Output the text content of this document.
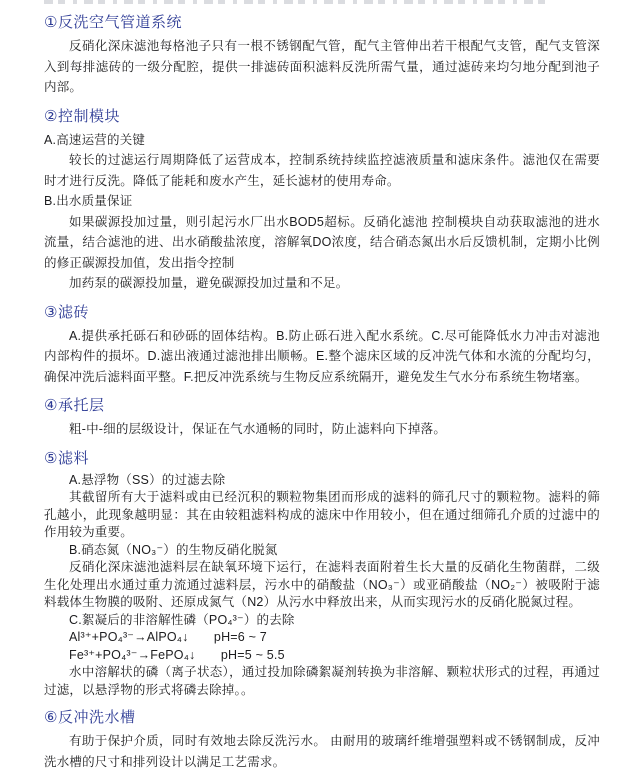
①反洗空气管道系统

反硝化深床滤池每格池子只有一根不锈钢配气管，配气主管伸出若干根配气支管，配气支管深入到每排滤砖的一级分配腔，提供一排滤砖面积滤料反洗所需气量，通过滤砖来均匀地分配到池子内部。

②控制模块

A.高速运营的关键

较长的过滤运行周期降低了运营成本，控制系统持续监控滤液质量和滤床条件。滤池仅在需要时才进行反洗。降低了能耗和废水产生，延长滤材的使用寿命。

B.出水质量保证

如果碳源投加过量，则引起污水厂出水BOD5超标。反硝化滤池 控制模块自动获取滤池的进水流量，结合滤池的进、出水硝酸盐浓度，溶解氧DO浓度，结合硝态氮出水后反馈机制，定期小比例的修正碳源投加值，发出指令控制

加药泵的碳源投加量，避免碳源投加过量和不足。

③滤砖

A.提供承托砾石和砂砾的固体结构。B.防止砾石进入配水系统。C.尽可能降低水力冲击对滤池内部构件的损坏。D.滤出液通过滤池排出顺畅。E.整个滤床区域的反冲洗气体和水流的分配均匀，确保冲洗后滤料面平整。F.把反冲洗系统与生物反应系统隔开，避免发生气水分布系统生物堵塞。

④承托层

粗-中-细的层级设计，保证在气水通畅的同时，防止滤料向下掉落。

⑤滤料

A.悬浮物（SS）的过滤去除

其截留所有大于滤料或由已经沉积的颗粒物集团而形成的滤料的筛孔尺寸的颗粒物。滤料的筛孔越小，此现象越明显：其在由较粗滤料构成的滤床中作用较小，但在通过细筛孔介质的过滤中的作用较为重要。

B.硝态氮（NO₃⁻）的生物反硝化脱氮

反硝化深床滤池滤料层在缺氧环境下运行，在滤料表面附着生长大量的反硝化生物菌群，二级生化处理出水通过重力流通过滤料层，污水中的硝酸盐（NO₃⁻）或亚硝酸盐（NO₂⁻）被吸附于滤料载体生物膜的吸附、还原成氮气（N2）从污水中释放出来，从而实现污水的反硝化脱氮过程。

C.絮凝后的非溶解性磷（PO₄³⁻）的去除

Al³⁺+PO₄³⁻→AlPO₄↓　　pH=6 ~ 7

Fe³⁺+PO₄³⁻→FePO₄↓　　pH=5 ~ 5.5

水中溶解状的磷（离子状态），通过投加除磷絮凝剂转换为非溶解、颗粒状形式的过程，再通过过滤，以悬浮物的形式将磷去除掉。。

⑥反冲洗水槽

有助于保护介质，同时有效地去除反洗污水。 由耐用的玻璃纤维增强塑料或不锈钢制成，反冲洗水槽的尺寸和排列设计以满足工艺需求。
